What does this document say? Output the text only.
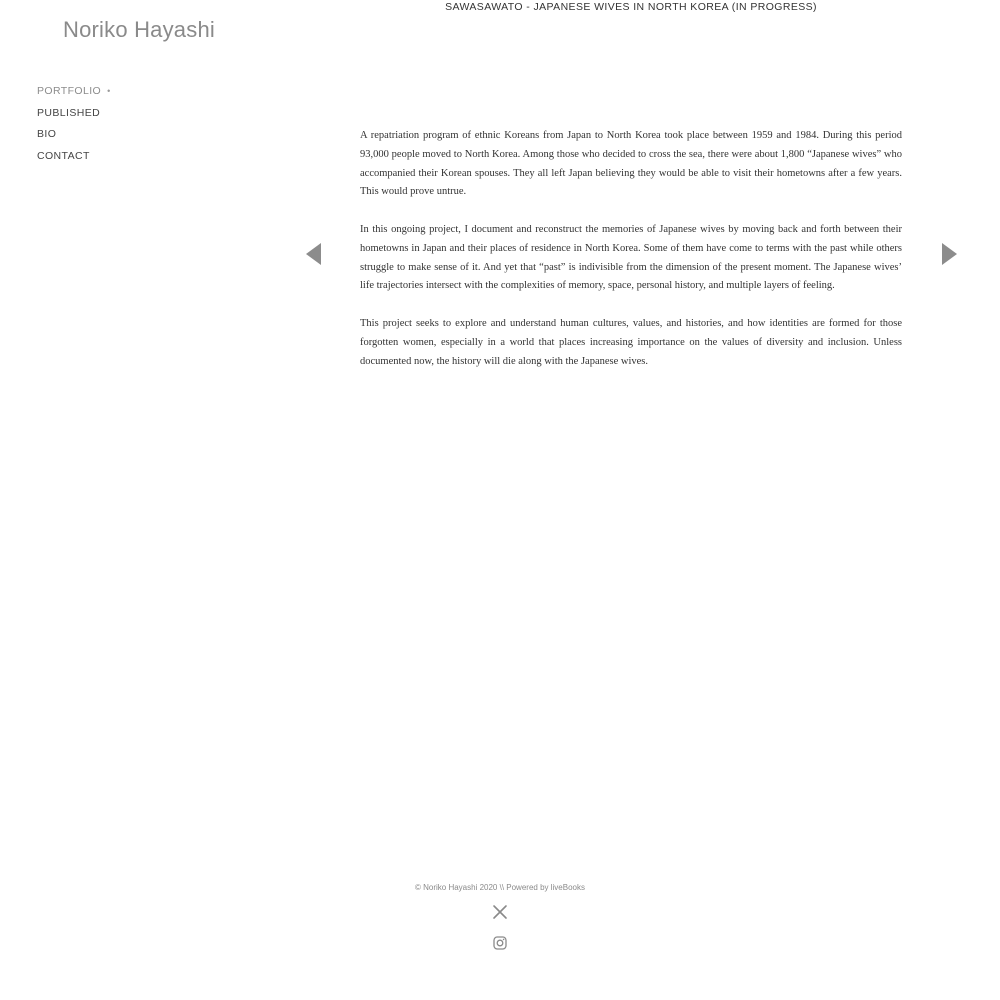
Noriko Hayashi
PORTFOLIO •
PUBLISHED
BIO
CONTACT
SAWASAWATO - JAPANESE WIVES IN NORTH KOREA (IN PROGRESS)

A repatriation program of ethnic Koreans from Japan to North Korea took place between 1959 and 1984. During this period 93,000 people moved to North Korea. Among those who decided to cross the sea, there were about 1,800 “Japanese wives” who accompanied their Korean spouses. They all left Japan believing they would be able to visit their hometowns after a few years. This would prove untrue.

In this ongoing project, I document and reconstruct the memories of Japanese wives by moving back and forth between their hometowns in Japan and their places of residence in North Korea. Some of them have come to terms with the past while others struggle to make sense of it. And yet that “past” is indivisible from the dimension of the present moment. The Japanese wives’ life trajectories intersect with the complexities of memory, space, personal history, and multiple layers of feeling.

This project seeks to explore and understand human cultures, values, and histories, and how identities are formed for those forgotten women, especially in a world that places increasing importance on the values of diversity and inclusion. Unless documented now, the history will die along with the Japanese wives.

© Noriko Hayashi 2020 \\ Powered by liveBooks
